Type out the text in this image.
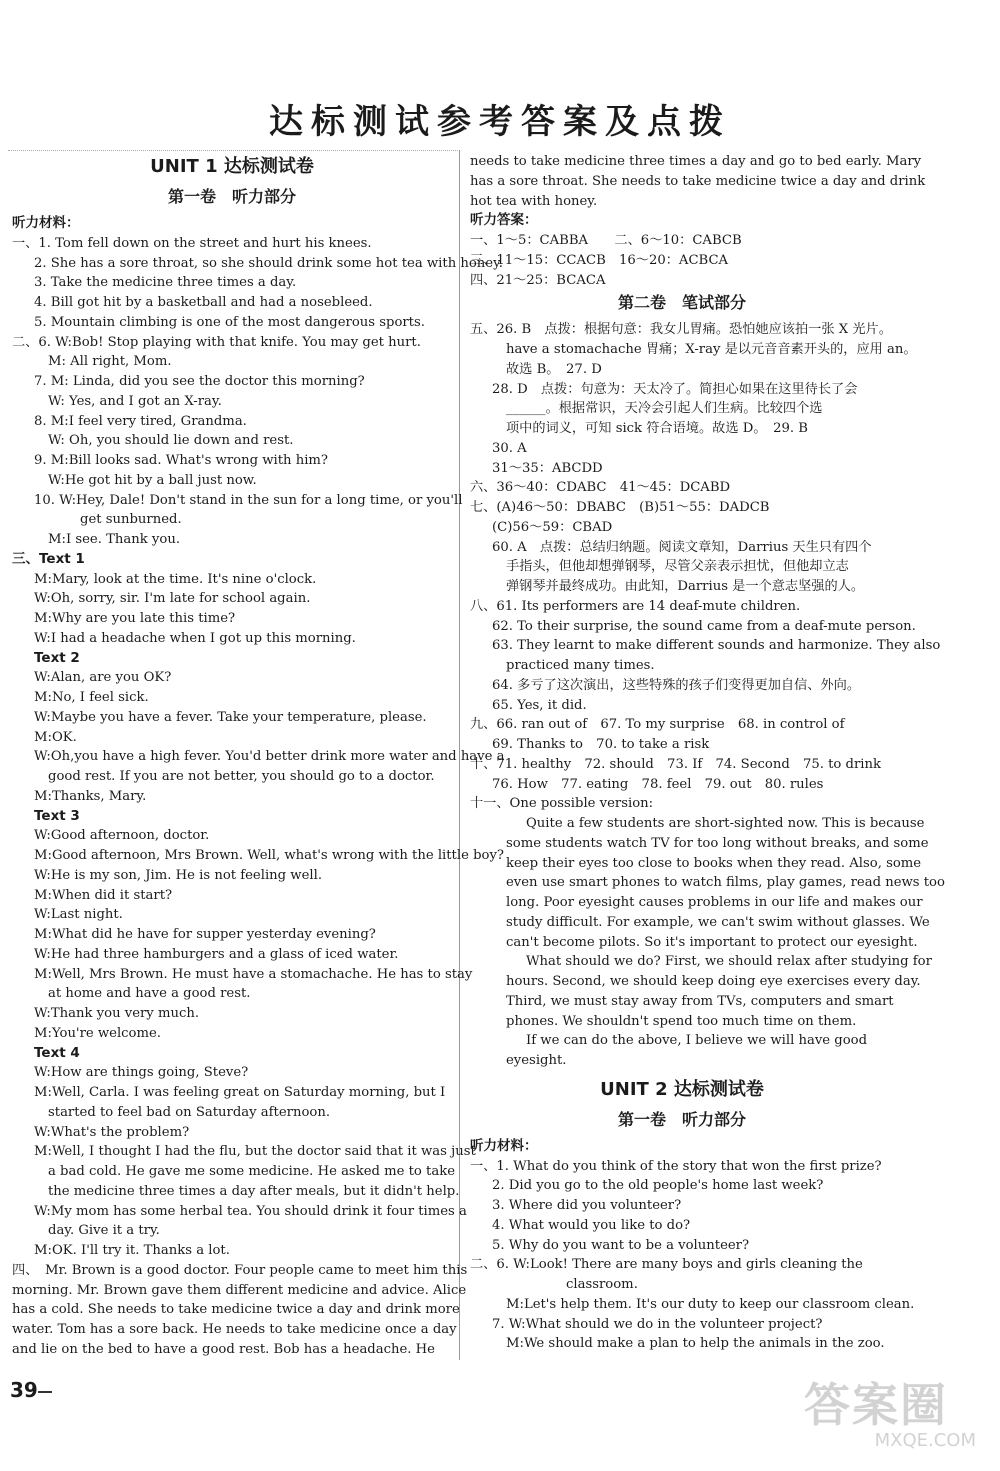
达标测试参考答案及点拨
UNIT 1 达标测试卷
第一卷　听力部分
听力材料：
一、1. Tom fell down on the street and hurt his knees.
2. She has a sore throat, so she should drink some hot tea with honey.
3. Take the medicine three times a day.
4. Bill got hit by a basketball and had a nosebleed.
5. Mountain climbing is one of the most dangerous sports.
二、6. W:Bob! Stop playing with that knife. You may get hurt.
M: All right, Mom.
7. M: Linda, did you see the doctor this morning?
W: Yes, and I got an X-ray.
8. M:I feel very tired, Grandma.
W: Oh, you should lie down and rest.
9. M:Bill looks sad. What's wrong with him?
W:He got hit by a ball just now.
10. W:Hey, Dale! Don't stand in the sun for a long time, or you'll
get sunburned.
M:I see. Thank you.
三、Text 1
M:Mary, look at the time. It's nine o'clock.
W:Oh, sorry, sir. I'm late for school again.
M:Why are you late this time?
W:I had a headache when I got up this morning.
Text 2
W:Alan, are you OK?
M:No, I feel sick.
W:Maybe you have a fever. Take your temperature, please.
M:OK.
W:Oh,you have a high fever. You'd better drink more water and have a
good rest. If you are not better, you should go to a doctor.
M:Thanks, Mary.
Text 3
W:Good afternoon, doctor.
M:Good afternoon, Mrs Brown. Well, what's wrong with the little boy?
W:He is my son, Jim. He is not feeling well.
M:When did it start?
W:Last night.
M:What did he have for supper yesterday evening?
W:He had three hamburgers and a glass of iced water.
M:Well, Mrs Brown. He must have a stomachache. He has to stay
at home and have a good rest.
W:Thank you very much.
M:You're welcome.
Text 4
W:How are things going, Steve?
M:Well, Carla. I was feeling great on Saturday morning, but I
started to feel bad on Saturday afternoon.
W:What's the problem?
M:Well, I thought I had the flu, but the doctor said that it was just
a bad cold. He gave me some medicine. He asked me to take
the medicine three times a day after meals, but it didn't help.
W:My mom has some herbal tea. You should drink it four times a
day. Give it a try.
M:OK. I'll try it. Thanks a lot.
四、　Mr. Brown is a good doctor. Four people came to meet him this
morning. Mr. Brown gave them different medicine and advice. Alice
has a cold. She needs to take medicine twice a day and drink more
water. Tom has a sore back. He needs to take medicine once a day
and lie on the bed to have a good rest. Bob has a headache. He
needs to take medicine three times a day and go to bed early. Mary
has a sore throat. She needs to take medicine twice a day and drink
hot tea with honey.
听力答案：
一、1～5：CABBA　　二、6～10：CABCB
三、11～15：CCACB　16～20：ACBCA
四、21～25：BCACA
第二卷　笔试部分
五、26. B　点拨：根据句意：我女儿胃痛。恐怕她应该拍一张 X 光片。
have a stomachache 胃痛；X-ray 是以元音音素开头的，应用 an。
故选 B。　27. D
28. D　点拨：句意为：天太冷了。简担心如果在这里待长了会
______。根据常识，天冷会引起人们生病。比较四个选
项中的词义，可知 sick 符合语境。故选 D。　29. B
30. A
31～35：ABCDD
六、36～40：CDABC　41～45：DCABD
七、(A)46～50：DBABC　(B)51～55：DADCB
(C)56～59：CBAD
60. A　点拨：总结归纳题。阅读文章知，Darrius 天生只有四个
手指头，但他却想弹钢琴，尽管父亲表示担忧，但他却立志
弹钢琴并最终成功。由此知，Darrius 是一个意志坚强的人。
八、61. Its performers are 14 deaf-mute children.
62. To their surprise, the sound came from a deaf-mute person.
63. They learnt to make different sounds and harmonize. They also
practiced many times.
64. 多亏了这次演出，这些特殊的孩子们变得更加自信、外向。
65. Yes, it did.
九、66. ran out of　67. To my surprise　68. in control of
69. Thanks to　70. to take a risk
十、71. healthy　72. should　73. If　74. Second　75. to drink
76. How　77. eating　78. feel　79. out　80. rules
十一、One possible version:
Quite a few students are short-sighted now. This is because
some students watch TV for too long without breaks, and some
keep their eyes too close to books when they read. Also, some
even use smart phones to watch films, play games, read news too
long. Poor eyesight causes problems in our life and makes our
study difficult. For example, we can't swim without glasses. We
can't become pilots. So it's important to protect our eyesight.
What should we do? First, we should relax after studying for
hours. Second, we should keep doing eye exercises every day.
Third, we must stay away from TVs, computers and smart
phones. We shouldn't spend too much time on them.
If we can do the above, I believe we will have good
eyesight.
UNIT 2 达标测试卷
第一卷　听力部分
听力材料：
一、1. What do you think of the story that won the first prize?
2. Did you go to the old people's home last week?
3. Where did you volunteer?
4. What would you like to do?
5. Why do you want to be a volunteer?
二、6. W:Look! There are many boys and girls cleaning the
classroom.
M:Let's help them. It's our duty to keep our classroom clean.
7. W:What should we do in the volunteer project?
M:We should make a plan to help the animals in the zoo.
39	答案圈
MXQE.COM
